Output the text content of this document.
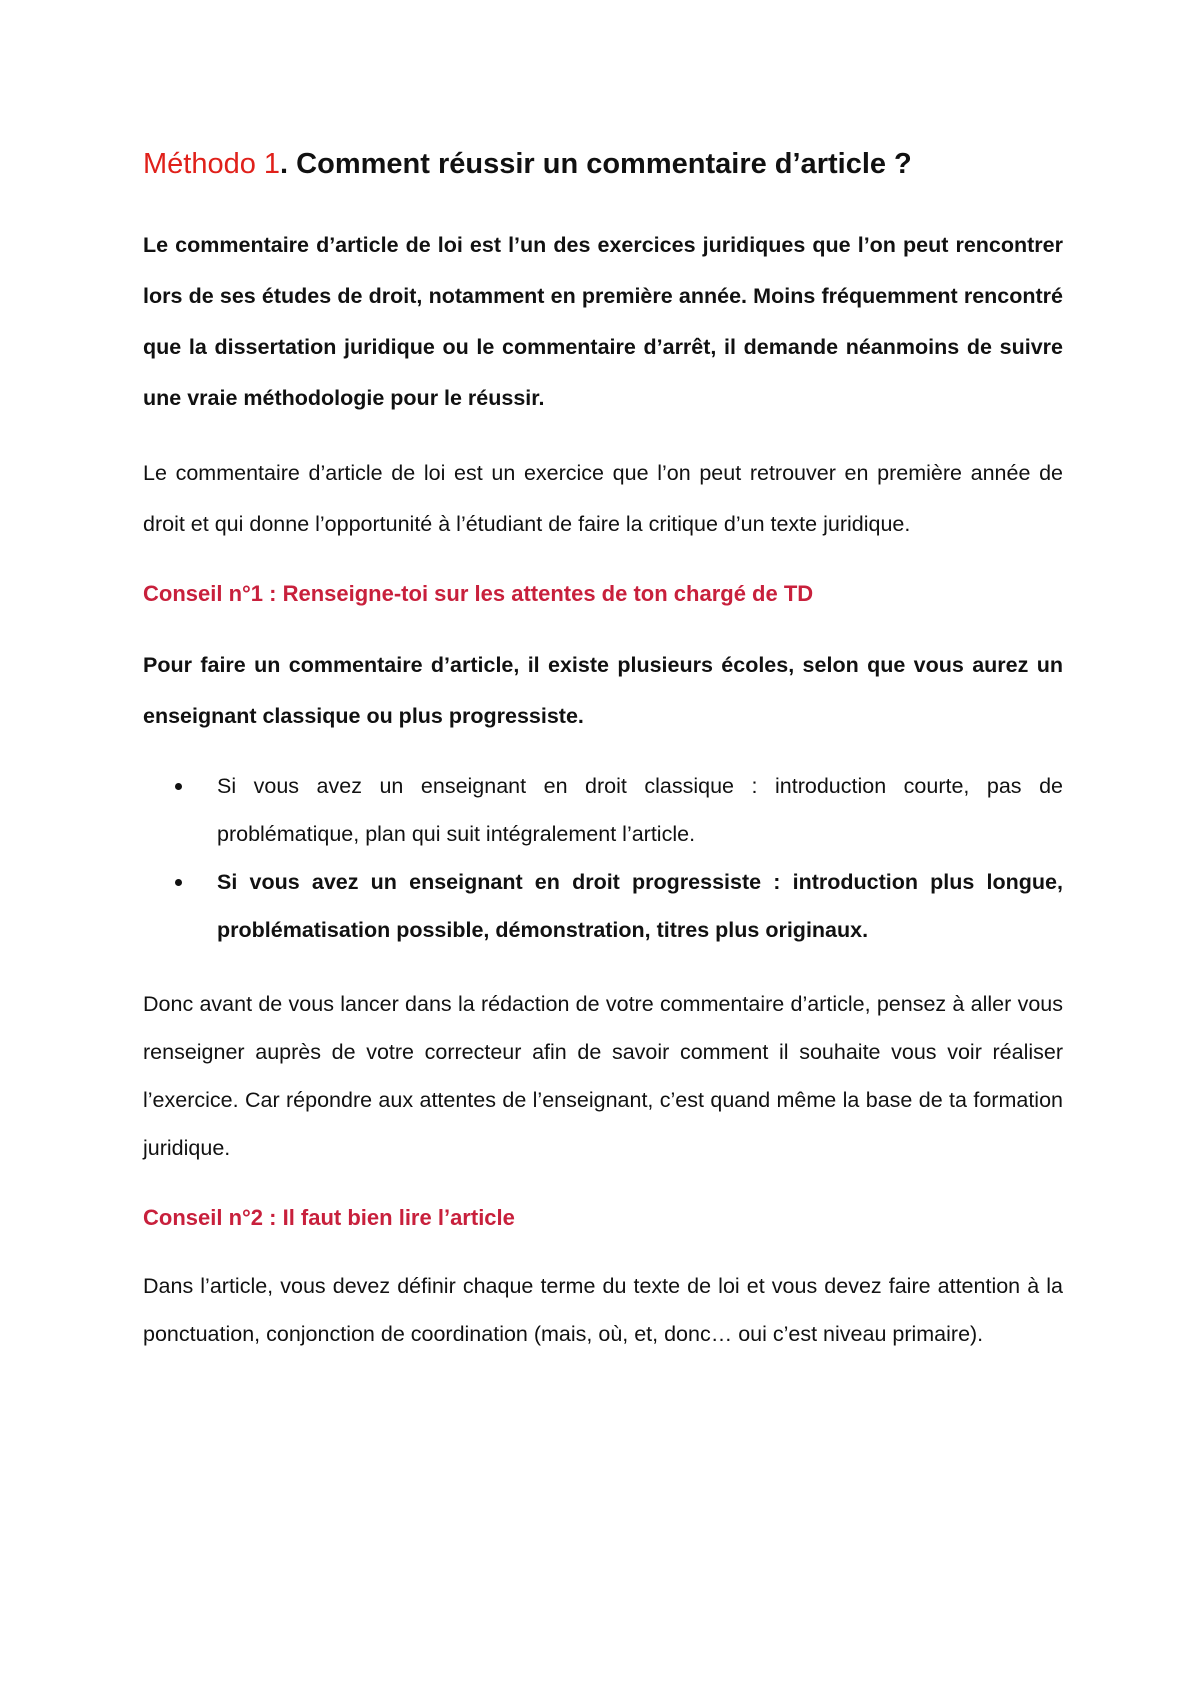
Méthodo 1. Comment réussir un commentaire d’article ?

Le commentaire d’article de loi est l’un des exercices juridiques que l’on peut rencontrer lors de ses études de droit, notamment en première année. Moins fréquemment rencontré que la dissertation juridique ou le commentaire d’arrêt, il demande néanmoins de suivre une vraie méthodologie pour le réussir.

Le commentaire d’article de loi est un exercice que l’on peut retrouver en première année de droit et qui donne l’opportunité à l’étudiant de faire la critique d’un texte juridique.

Conseil n°1 : Renseigne-toi sur les attentes de ton chargé de TD

Pour faire un commentaire d’article, il existe plusieurs écoles, selon que vous aurez un enseignant classique ou plus progressiste.

Si vous avez un enseignant en droit classique : introduction courte, pas de problématique, plan qui suit intégralement l’article.
Si vous avez un enseignant en droit progressiste : introduction plus longue, problématisation possible, démonstration, titres plus originaux.

Donc avant de vous lancer dans la rédaction de votre commentaire d’article, pensez à aller vous renseigner auprès de votre correcteur afin de savoir comment il souhaite vous voir réaliser l’exercice. Car répondre aux attentes de l’enseignant, c’est quand même la base de ta formation juridique.

Conseil n°2 : Il faut bien lire l’article

Dans l’article, vous devez définir chaque terme du texte de loi et vous devez faire attention à la ponctuation, conjonction de coordination (mais, où, et, donc… oui c’est niveau primaire).
